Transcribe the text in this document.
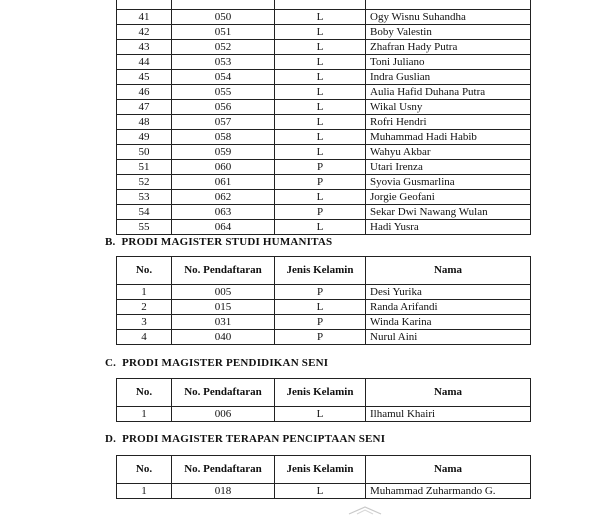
41	050	L	Ogy Wisnu Suhandha
42	051	L	Boby Valestin
43	052	L	Zhafran Hady Putra
44	053	L	Toni Juliano
45	054	L	Indra Guslian
46	055	L	Aulia Hafid Duhana Putra
47	056	L	Wikal Usny
48	057	L	Rofri Hendri
49	058	L	Muhammad Hadi Habib
50	059	L	Wahyu Akbar
51	060	P	Utari Irenza
52	061	P	Syovia Gusmarlina
53	062	L	Jorgie Geofani
54	063	P	Sekar Dwi Nawang Wulan
55	064	L	Hadi Yusra
B. PRODI MAGISTER STUDI HUMANITAS
No.	No. Pendaftaran	Jenis Kelamin	Nama
1	005	P	Desi Yurika
2	015	L	Randa Arifandi
3	031	P	Winda Karina
4	040	P	Nurul Aini
C. PRODI MAGISTER PENDIDIKAN SENI
No.	No. Pendaftaran	Jenis Kelamin	Nama
1	006	L	Ilhamul Khairi
D. PRODI MAGISTER TERAPAN PENCIPTAAN SENI
No.	No. Pendaftaran	Jenis Kelamin	Nama
1	018	L	Muhammad Zuharmando G.
